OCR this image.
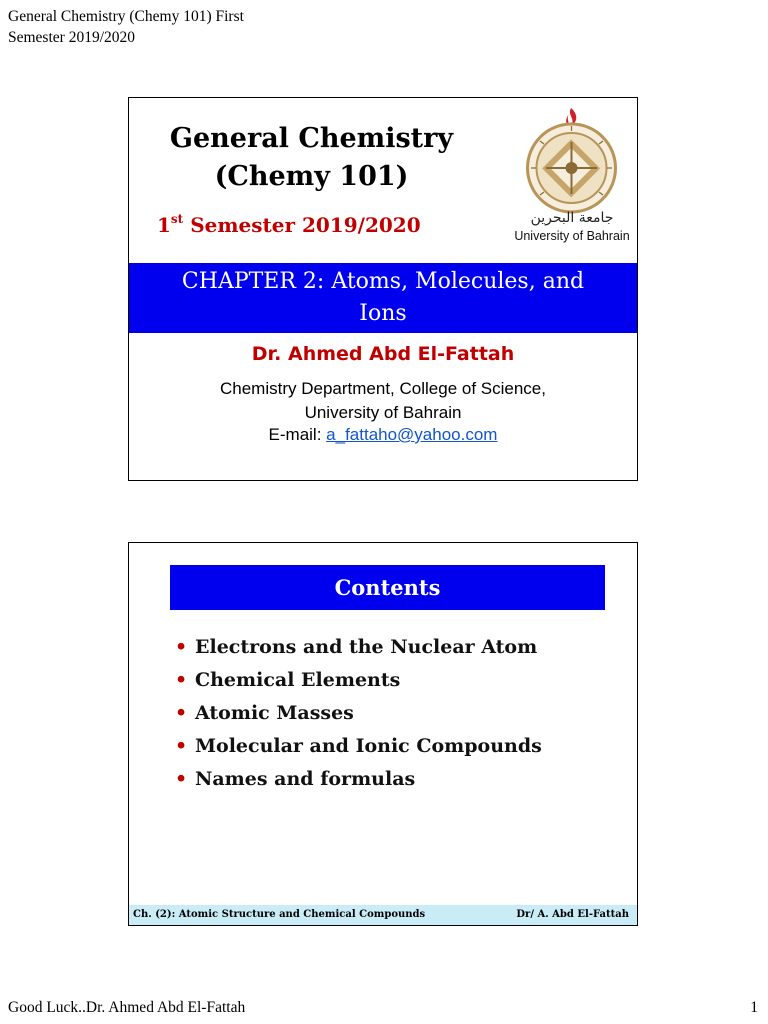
General Chemistry (Chemy 101) First
Semester 2019/2020
General Chemistry
(Chemy 101)
1st Semester 2019/2020	جامعة البحرين
University of Bahrain
CHAPTER 2: Atoms, Molecules, and
Ions
Dr. Ahmed Abd El-Fattah
Chemistry Department, College of Science,
University of Bahrain
E-mail: a_fattaho@yahoo.com
Contents
• Electrons and the Nuclear Atom
• Chemical Elements
• Atomic Masses
• Molecular and Ionic Compounds
• Names and formulas
Ch. (2): Atomic Structure and Chemical Compounds	Dr/ A. Abd El-Fattah
Good Luck..Dr. Ahmed Abd El-Fattah	1
